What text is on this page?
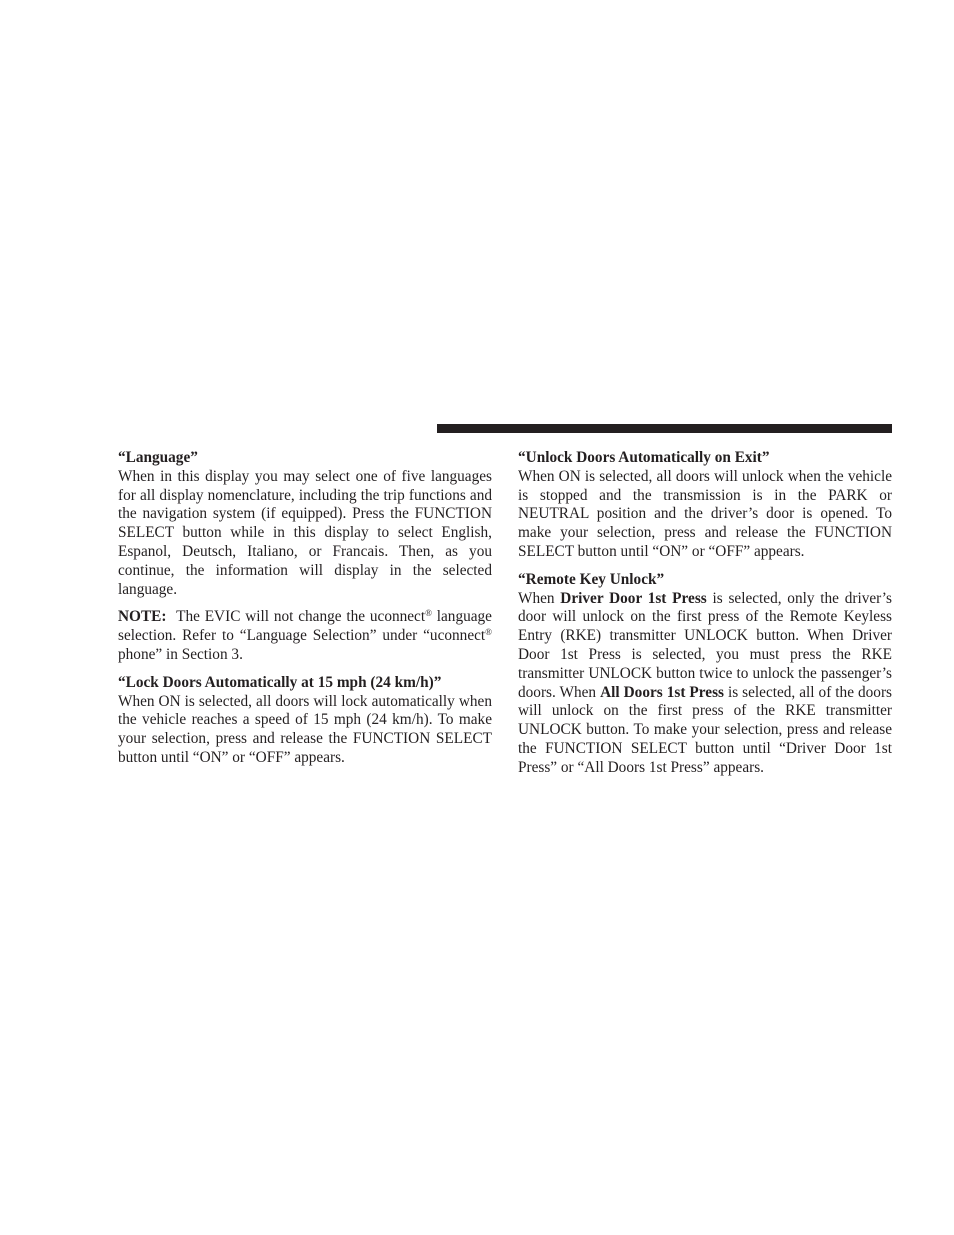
“Language”

When in this display you may select one of five languages for all display nomenclature, including the trip functions and the navigation system (if equipped). Press the FUNCTION SELECT button while in this display to select English, Espanol, Deutsch, Italiano, or Francais. Then, as you continue, the information will display in the selected language.

NOTE: The EVIC will not change the uconnect® language selection. Refer to “Language Selection” under “uconnect® phone” in Section 3.

“Lock Doors Automatically at 15 mph (24 km/h)”

When ON is selected, all doors will lock automatically when the vehicle reaches a speed of 15 mph (24 km/h). To make your selection, press and release the FUNCTION SELECT button until “ON” or “OFF” appears.

“Unlock Doors Automatically on Exit”

When ON is selected, all doors will unlock when the vehicle is stopped and the transmission is in the PARK or NEUTRAL position and the driver’s door is opened. To make your selection, press and release the FUNCTION SELECT button until “ON” or “OFF” appears.

“Remote Key Unlock”

When Driver Door 1st Press is selected, only the driver’s door will unlock on the first press of the Remote Keyless Entry (RKE) transmitter UNLOCK button. When Driver Door 1st Press is selected, you must press the RKE transmitter UNLOCK button twice to unlock the passenger’s doors. When All Doors 1st Press is selected, all of the doors will unlock on the first press of the RKE transmitter UNLOCK button. To make your selection, press and release the FUNCTION SELECT button until “Driver Door 1st Press” or “All Doors 1st Press” appears.
